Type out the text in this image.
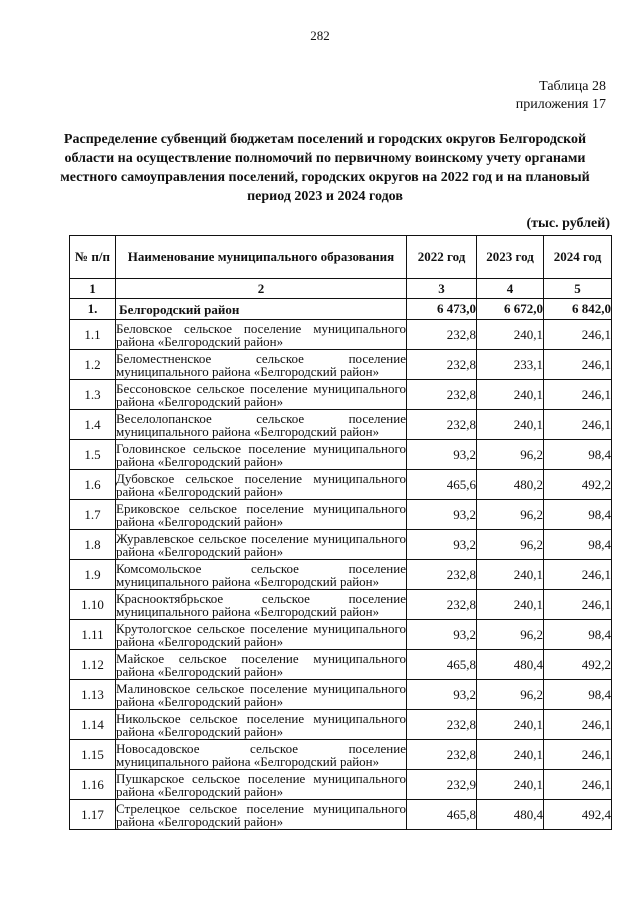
282
Таблица 28
приложения 17
Распределение субвенций бюджетам поселений и городских округов Белгородской области на осуществление полномочий по первичному воинскому учету органами местного самоуправления поселений, городских округов на 2022 год и на плановый период 2023 и 2024 годов
(тыс. рублей)
№ п/п	Наименование муниципального образования	2022 год	2023 год	2024 год
1	2	3	4	5
1.	Белгородский район	6 473,0	6 672,0	6 842,0
1.1	Беловское сельское поселение муниципального района «Белгородский район»	232,8	240,1	246,1
1.2	Беломестненское сельское поселение муниципального района «Белгородский район»	232,8	233,1	246,1
1.3	Бессоновское сельское поселение муниципального района «Белгородский район»	232,8	240,1	246,1
1.4	Веселолопанское сельское поселение муниципального района «Белгородский район»	232,8	240,1	246,1
1.5	Головинское сельское поселение муниципального района «Белгородский район»	93,2	96,2	98,4
1.6	Дубовское сельское поселение муниципального района «Белгородский район»	465,6	480,2	492,2
1.7	Ериковское сельское поселение муниципального района «Белгородский район»	93,2	96,2	98,4
1.8	Журавлевское сельское поселение муниципального района «Белгородский район»	93,2	96,2	98,4
1.9	Комсомольское сельское поселение муниципального района «Белгородский район»	232,8	240,1	246,1
1.10	Краснооктябрьское сельское поселение муниципального района «Белгородский район»	232,8	240,1	246,1
1.11	Крутологское сельское поселение муниципального района «Белгородский район»	93,2	96,2	98,4
1.12	Майское сельское поселение муниципального района «Белгородский район»	465,8	480,4	492,2
1.13	Малиновское сельское поселение муниципального района «Белгородский район»	93,2	96,2	98,4
1.14	Никольское сельское поселение муниципального района «Белгородский район»	232,8	240,1	246,1
1.15	Новосадовское сельское поселение муниципального района «Белгородский район»	232,8	240,1	246,1
1.16	Пушкарское сельское поселение муниципального района «Белгородский район»	232,9	240,1	246,1
1.17	Стрелецкое сельское поселение муниципального района «Белгородский район»	465,8	480,4	492,4
